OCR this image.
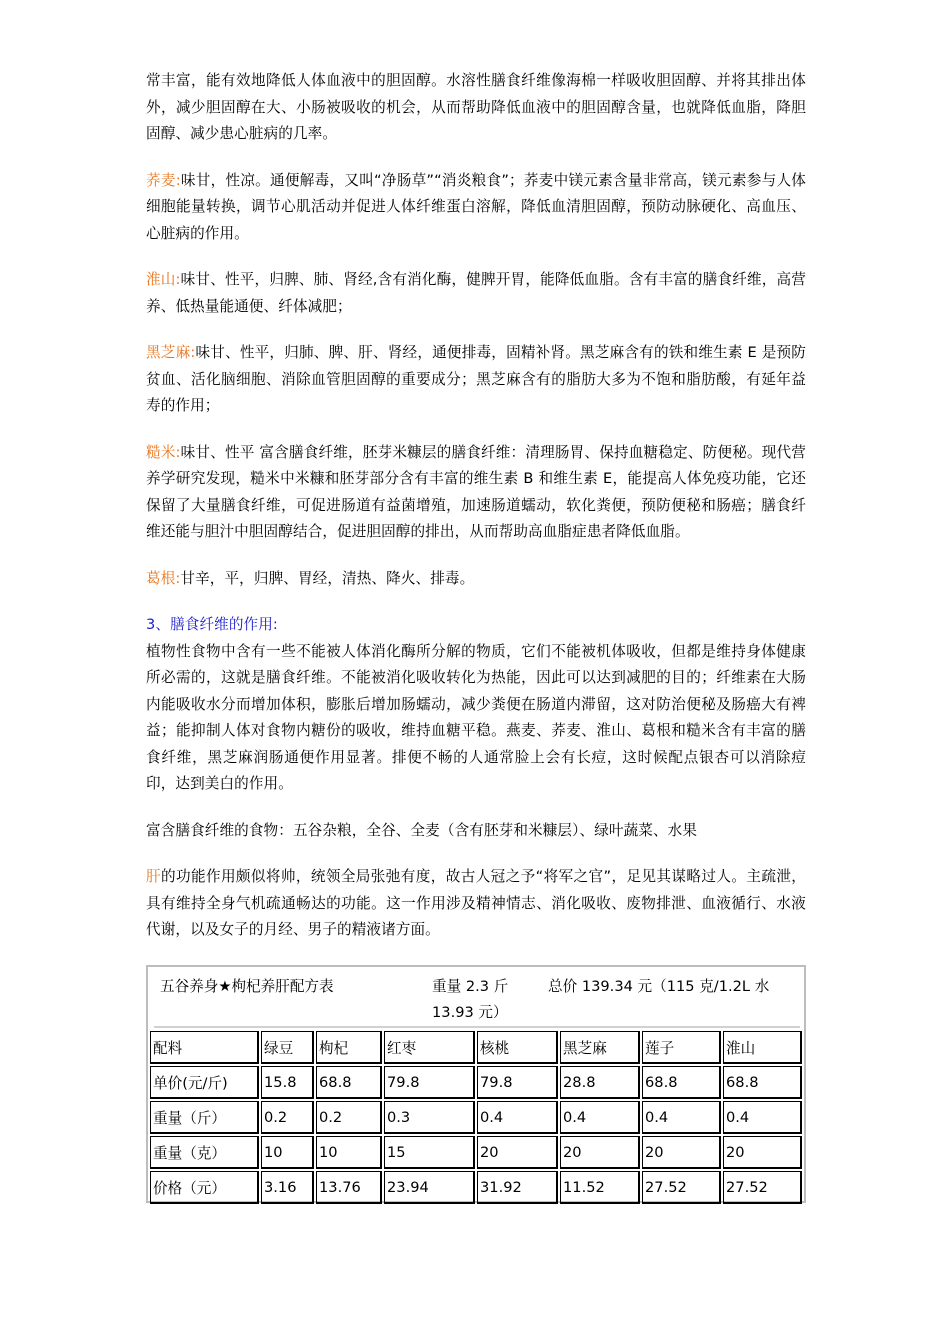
常丰富，能有效地降低人体血液中的胆固醇。水溶性膳食纤维像海棉一样吸收胆固醇、并将其排出体外，减少胆固醇在大、小肠被吸收的机会，从而帮助降低血液中的胆固醇含量，也就降低血脂，降胆固醇、减少患心脏病的几率。

荞麦:味甘，性凉。通便解毒，又叫“净肠草”“消炎粮食”；荞麦中镁元素含量非常高，镁元素参与人体细胞能量转换，调节心肌活动并促进人体纤维蛋白溶解，降低血清胆固醇，预防动脉硬化、高血压、心脏病的作用。

淮山:味甘、性平，归脾、肺、肾经,含有消化酶，健脾开胃，能降低血脂。含有丰富的膳食纤维，高营养、低热量能通便、纤体减肥；

黑芝麻:味甘、性平，归肺、脾、肝、肾经，通便排毒，固精补肾。黑芝麻含有的铁和维生素 E 是预防贫血、活化脑细胞、消除血管胆固醇的重要成分；黑芝麻含有的脂肪大多为不饱和脂肪酸，有延年益寿的作用；

糙米:味甘、性平 富含膳食纤维，胚芽米糠层的膳食纤维：清理肠胃、保持血糖稳定、防便秘。现代营养学研究发现，糙米中米糠和胚芽部分含有丰富的维生素 B 和维生素 E，能提高人体免疫功能，它还保留了大量膳食纤维，可促进肠道有益菌增殖，加速肠道蠕动，软化粪便，预防便秘和肠癌；膳食纤维还能与胆汁中胆固醇结合，促进胆固醇的排出，从而帮助高血脂症患者降低血脂。

葛根:甘辛，平，归脾、胃经，清热、降火、排毒。

3、膳食纤维的作用:
植物性食物中含有一些不能被人体消化酶所分解的物质，它们不能被机体吸收，但都是维持身体健康所必需的，这就是膳食纤维。不能被消化吸收转化为热能，因此可以达到减肥的目的；纤维素在大肠内能吸收水分而增加体积，膨胀后增加肠蠕动，减少粪便在肠道内滞留，这对防治便秘及肠癌大有裨益；能抑制人体对食物内糖份的吸收，维持血糖平稳。燕麦、荞麦、淮山、葛根和糙米含有丰富的膳食纤维，黑芝麻润肠通便作用显著。排便不畅的人通常脸上会有长痘，这时候配点银杏可以消除痘印，达到美白的作用。

富含膳食纤维的食物：五谷杂粮，全谷、全麦（含有胚芽和米糠层）、绿叶蔬菜、水果

肝的功能作用颇似将帅，统领全局张弛有度，故古人冠之予“将军之官”，足见其谋略过人。主疏泄，具有维持全身气机疏通畅达的功能。这一作用涉及精神情志、消化吸收、废物排泄、血液循行、水液代谢，以及女子的月经、男子的精液诸方面。

五谷养身★枸杞养肝配方表	重量 2.3 斤 13.93 元）
总价 139.34 元（115 克/1.2L 水
配料	绿豆	枸杞	红枣	核桃	黑芝麻	莲子	淮山
单价(元/斤)	15.8	68.8	79.8	79.8	28.8	68.8	68.8
重量（斤）	0.2	0.2	0.3	0.4	0.4	0.4	0.4
重量（克）	10	10	15	20	20	20	20
价格（元）	3.16	13.76	23.94	31.92	11.52	27.52	27.52
